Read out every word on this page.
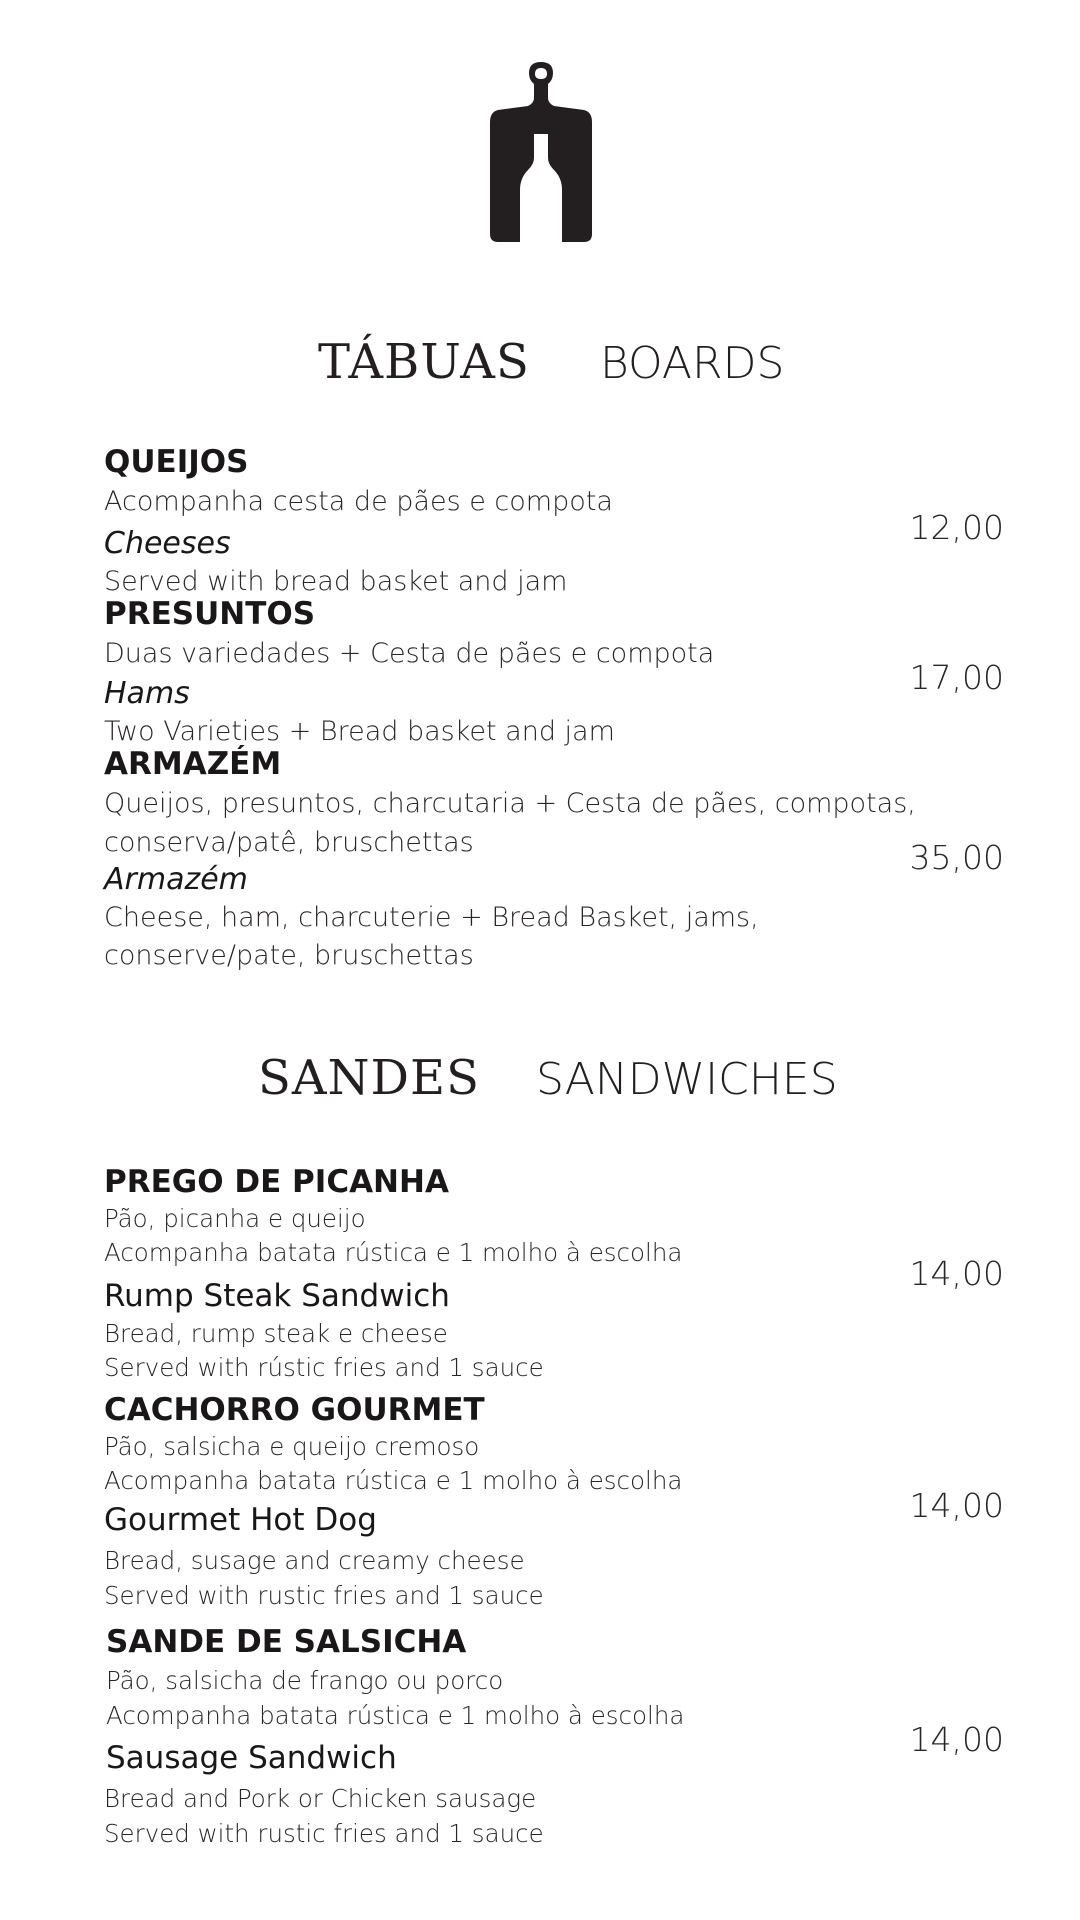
TÁBUAS BOARDS
QUEIJOS
Acompanha cesta de pães e compota
Cheeses
Served with bread basket and jam
12,00
PRESUNTOS
Duas variedades + Cesta de pães e compota
Hams
Two Varieties + Bread basket and jam
17,00
ARMAZÉM
Queijos, presuntos, charcutaria + Cesta de pães, compotas,
conserva/patê, bruschettas
Armazém
Cheese, ham, charcuterie + Bread Basket, jams,
conserve/pate, bruschettas
35,00
SANDES SANDWICHES
PREGO DE PICANHA
Pão, picanha e queijo
Acompanha batata rústica e 1 molho à escolha
Rump Steak Sandwich
Bread, rump steak e cheese
Served with rústic fries and 1 sauce
14,00
CACHORRO GOURMET
Pão, salsicha e queijo cremoso
Acompanha batata rústica e 1 molho à escolha
Gourmet Hot Dog
Bread, susage and creamy cheese
Served with rustic fries and 1 sauce
14,00
SANDE DE SALSICHA
Pão, salsicha de frango ou porco
Acompanha batata rústica e 1 molho à escolha
Sausage Sandwich
Bread and Pork or Chicken sausage
Served with rustic fries and 1 sauce
14,00
